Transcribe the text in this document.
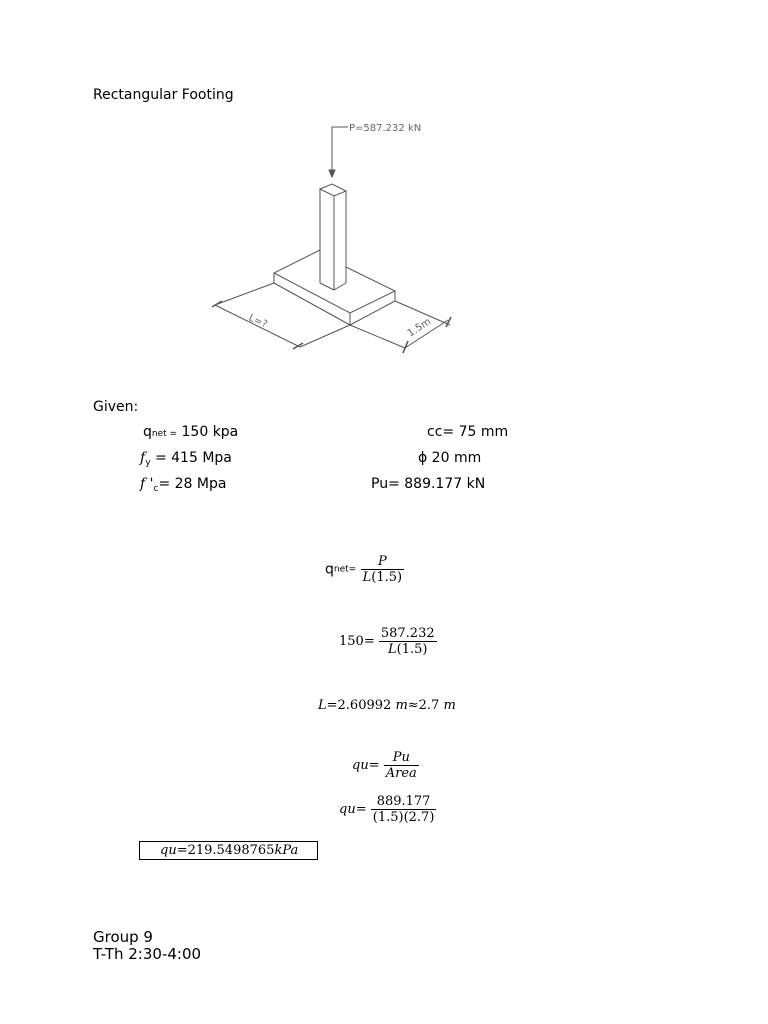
Rectangular Footing
P=587.232 kN
L=?	1.5m
Given:
qnet = 150 kpa
$f_y = 415$ Mpa
f '$_c= 28$ Mpa
cc= 75 mm
ϕ 20 mm
Pu= 889.177 kN
qnet= $\frac{P}{L(1.5)}$
$150= \frac{587.232}{L(1.5)}$
L=2.60992 m≈2.7 m
$qu= \frac{Pu}{\text{Area}}$
$qu= \frac{889.177}{(1.5)(2.7)}$
qu=219.5498765kPa
Group 9
T-Th 2:30-4:00
